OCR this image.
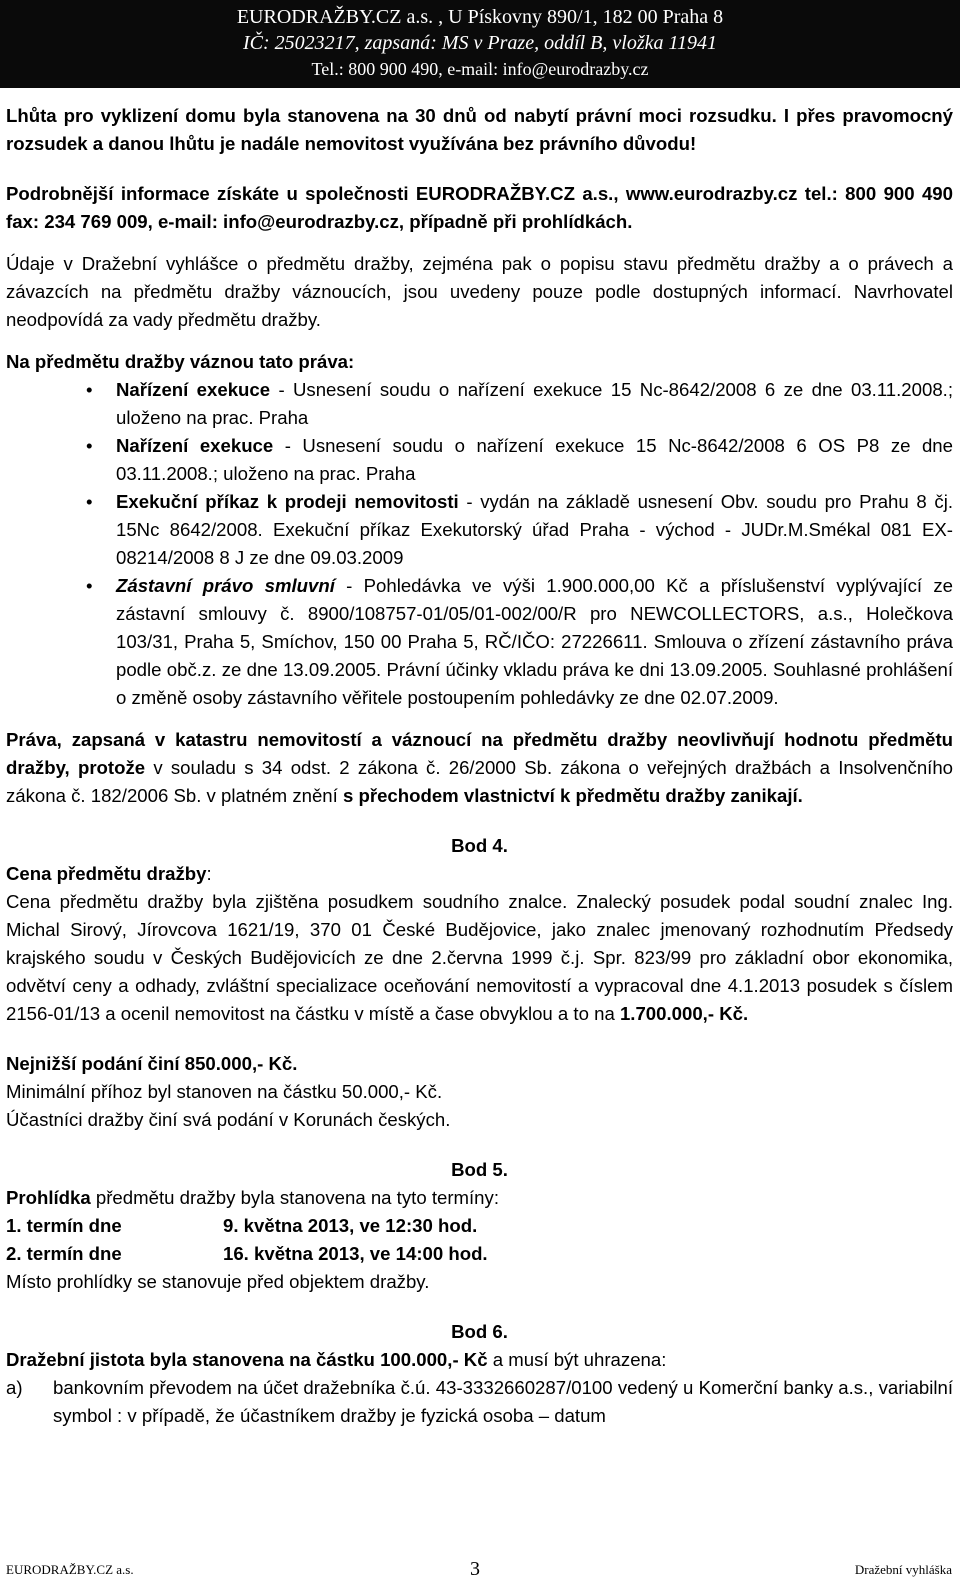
EURODRAŽBY.CZ a.s. , U Pískovny 890/1, 182 00 Praha 8
IČ: 25023217, zapsaná: MS v Praze, oddíl B, vložka 11941
Tel.: 800 900 490, e-mail: info@eurodrazby.cz

Lhůta pro vyklizení domu byla stanovena na 30 dnů od nabytí právní moci rozsudku. I přes pravomocný rozsudek a danou lhůtu je nadále nemovitost využívána bez právního důvodu!

Podrobnější informace získáte u společnosti EURODRAŽBY.CZ a.s., www.eurodrazby.cz tel.: 800 900 490 fax: 234 769 009, e-mail: info@eurodrazby.cz, případně při prohlídkách.

Údaje v Dražební vyhlášce o předmětu dražby, zejména pak o popisu stavu předmětu dražby a o právech a závazcích na předmětu dražby váznoucích, jsou uvedeny pouze podle dostupných informací. Navrhovatel neodpovídá za vady předmětu dražby.

Na předmětu dražby váznou tato práva:

• Nařízení exekuce - Usnesení soudu o nařízení exekuce 15 Nc-8642/2008 6 ze dne 03.11.2008.; uloženo na prac. Praha
• Nařízení exekuce - Usnesení soudu o nařízení exekuce 15 Nc-8642/2008 6 OS P8 ze dne 03.11.2008.; uloženo na prac. Praha
• Exekuční příkaz k prodeji nemovitosti - vydán na základě usnesení Obv. soudu pro Prahu 8 čj. 15Nc 8642/2008. Exekuční příkaz Exekutorský úřad Praha - východ - JUDr.M.Smékal 081 EX-08214/2008 8 J ze dne 09.03.2009
• Zástavní právo smluvní - Pohledávka ve výši 1.900.000,00 Kč a příslušenství vyplývající ze zástavní smlouvy č. 8900/108757-01/05/01-002/00/R pro NEWCOLLECTORS, a.s., Holečkova 103/31, Praha 5, Smíchov, 150 00 Praha 5, RČ/IČO: 27226611. Smlouva o zřízení zástavního práva podle obč.z. ze dne 13.09.2005. Právní účinky vkladu práva ke dni 13.09.2005. Souhlasné prohlášení o změně osoby zástavního věřitele postoupením pohledávky ze dne 02.07.2009.

Práva, zapsaná v katastru nemovitostí a váznoucí na předmětu dražby neovlivňují hodnotu předmětu dražby, protože v souladu s 34 odst. 2 zákona č. 26/2000 Sb. zákona o veřejných dražbách a Insolvenčního zákona č. 182/2006 Sb. v platném znění s přechodem vlastnictví k předmětu dražby zanikají.

Bod 4.

Cena předmětu dražby:

Cena předmětu dražby byla zjištěna posudkem soudního znalce. Znalecký posudek podal soudní znalec Ing. Michal Sirový, Jírovcova 1621/19, 370 01 České Budějovice, jako znalec jmenovaný rozhodnutím Předsedy krajského soudu v Českých Budějovicích ze dne 2.června 1999 č.j. Spr. 823/99 pro základní obor ekonomika, odvětví ceny a odhady, zvláštní specializace oceňování nemovitostí a vypracoval dne 4.1.2013 posudek s číslem 2156-01/13 a ocenil nemovitost na částku v místě a čase obvyklou a to na 1.700.000,- Kč.

Nejnižší podání činí 850.000,- Kč.

Minimální příhoz byl stanoven na částku 50.000,- Kč.

Účastníci dražby činí svá podání v Korunách českých.

Bod 5.

Prohlídka předmětu dražby byla stanovena na tyto termíny:

1. termín dne	9. května 2013, ve 12:30 hod.
2. termín dne	16. května 2013, ve 14:00 hod.

Místo prohlídky se stanovuje před objektem dražby.

Bod 6.

Dražební jistota byla stanovena na částku 100.000,- Kč a musí být uhrazena:

a)	bankovním převodem na účet dražebníka č.ú. 43-3332660287/0100 vedený u Komerční banky a.s., variabilní symbol : v případě, že účastníkem dražby je fyzická osoba – datum

EURODRAŽBY.CZ a.s.	3	Dražební vyhláška
